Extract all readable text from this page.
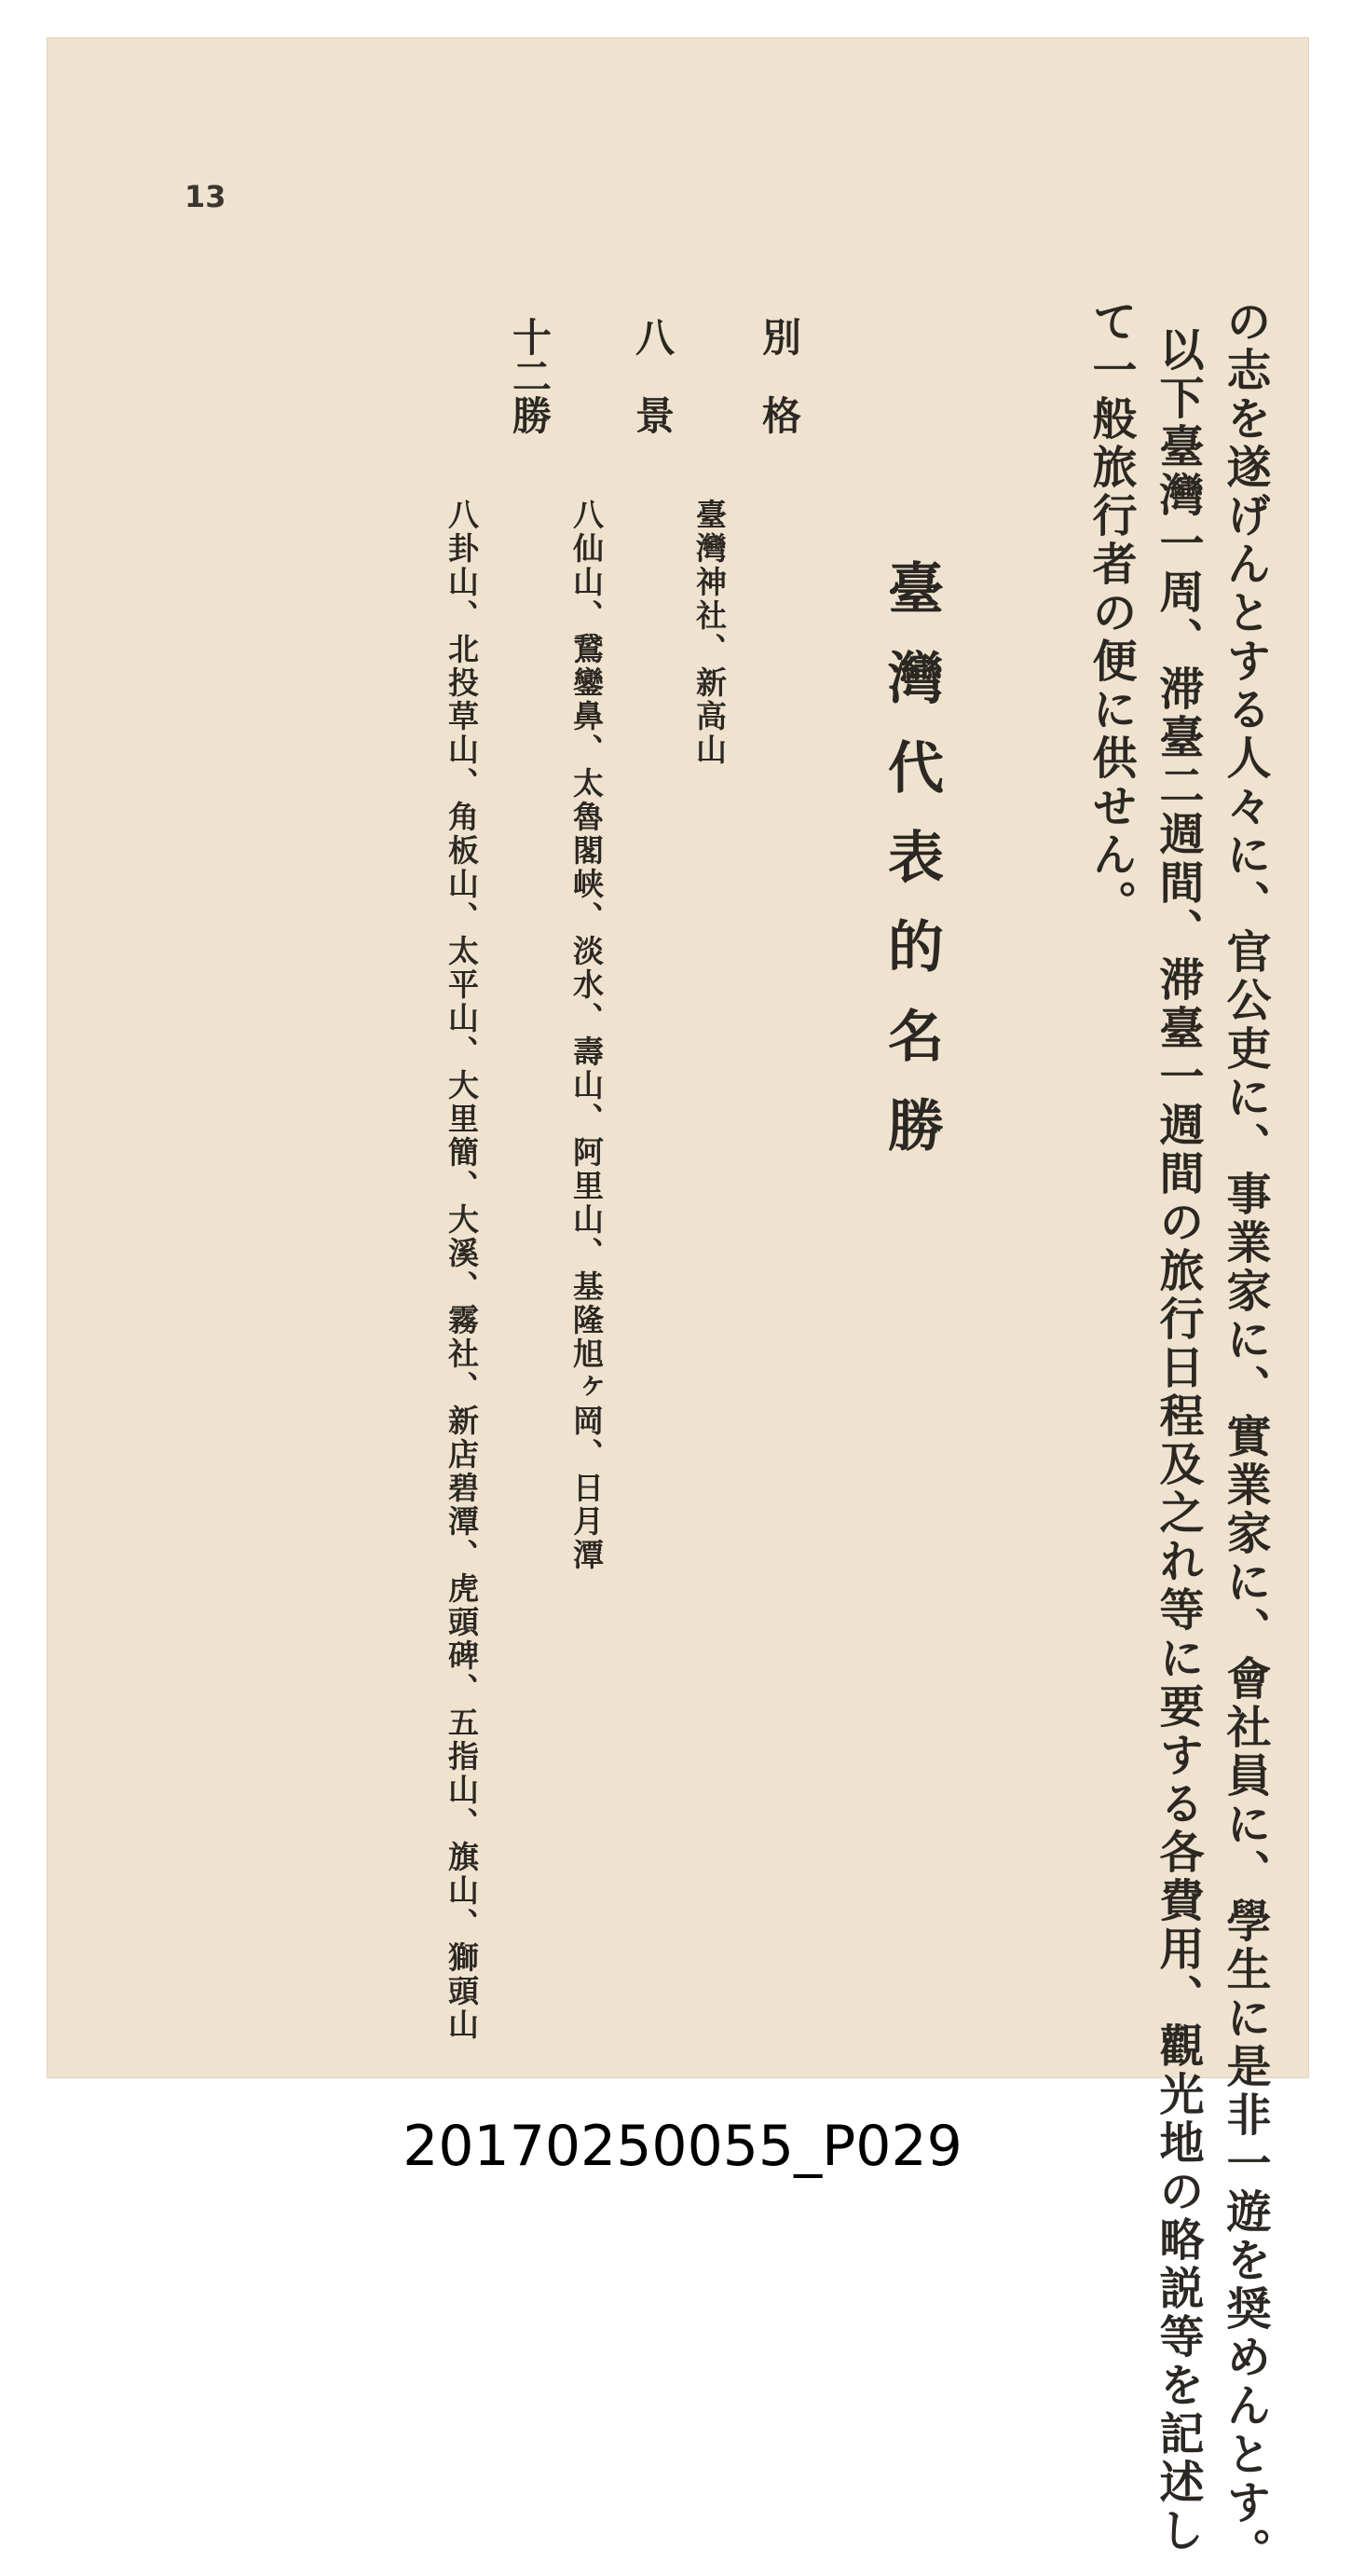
13

の志を遂げんとする人々に、官公吏に、事業家に、實業家に、會社員に、學生に是非一遊を奨めんとす。

以下臺灣一周、滞臺二週間、滞臺一週間の旅行日程及之れ等に要する各費用、觀光地の略説等を記述し

て一般旅行者の便に供せん。

臺灣代表的名勝

別　格

臺灣神社、新高山

八　景

八仙山、鵞鑾鼻、太魯閣峡、淡水、壽山、阿里山、基隆旭ヶ岡、日月潭

十二勝

八卦山、北投草山、角板山、太平山、大里簡、大溪、霧社、新店碧潭、虎頭碑、五指山、旗山、獅頭山

20170250055_P029
